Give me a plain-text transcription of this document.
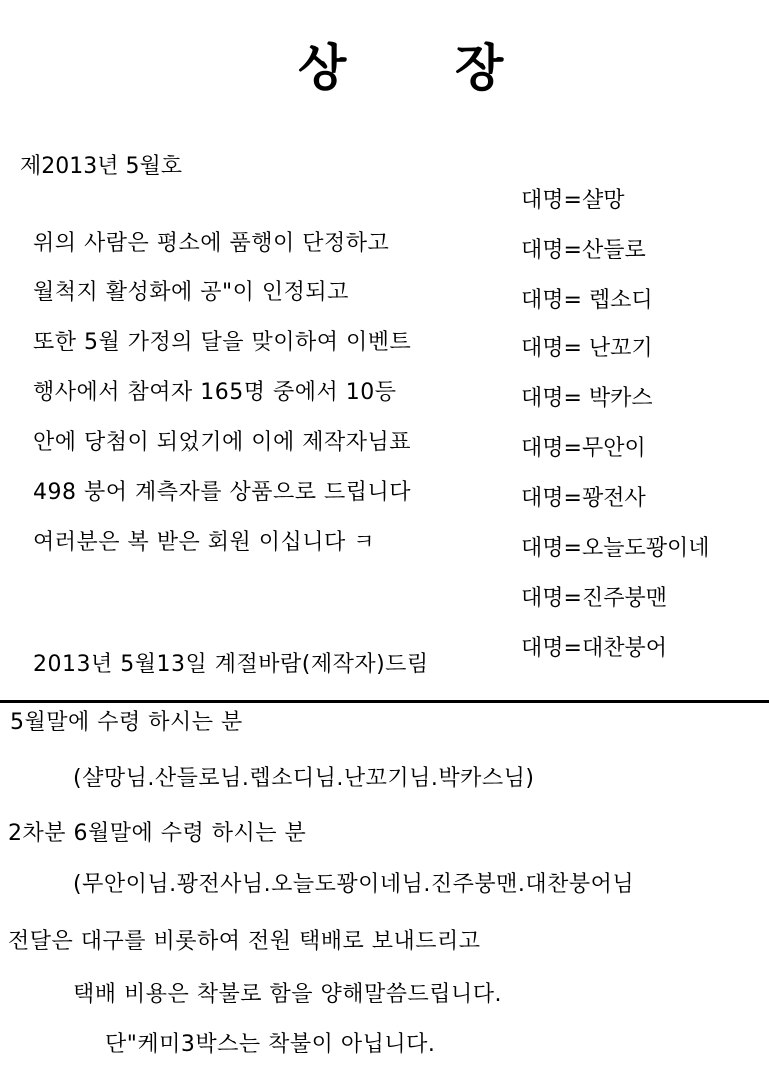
상 장
제2013년 5월호
위의 사람은 평소에 품행이 단정하고
월척지 활성화에 공"이 인정되고
또한 5월 가정의 달을 맞이하여 이벤트
행사에서 참여자 165명 중에서 10등
안에 당첨이 되었기에 이에 제작자님표
498 붕어 계측자를 상품으로 드립니다
여러분은 복 받은 회원 이십니다 ㅋ
2013년 5월13일 계절바람(제작자)드림
대명=샬망
대명=산들로
대명= 렙소디
대명= 난꼬기
대명= 박카스
대명=무안이
대명=꽝전사
대명=오늘도꽝이네
대명=진주붕맨
대명=대찬붕어
5월말에 수령 하시는 분
(샬망님.산들로님.렙소디님.난꼬기님.박카스님)
2차분 6월말에 수령 하시는 분
(무안이님.꽝전사님.오늘도꽝이네님.진주붕맨.대찬붕어님
전달은 대구를 비롯하여 전원 택배로 보내드리고
택배 비용은 착불로 함을 양해말씀드립니다.
단"케미3박스는 착불이 아닙니다.
